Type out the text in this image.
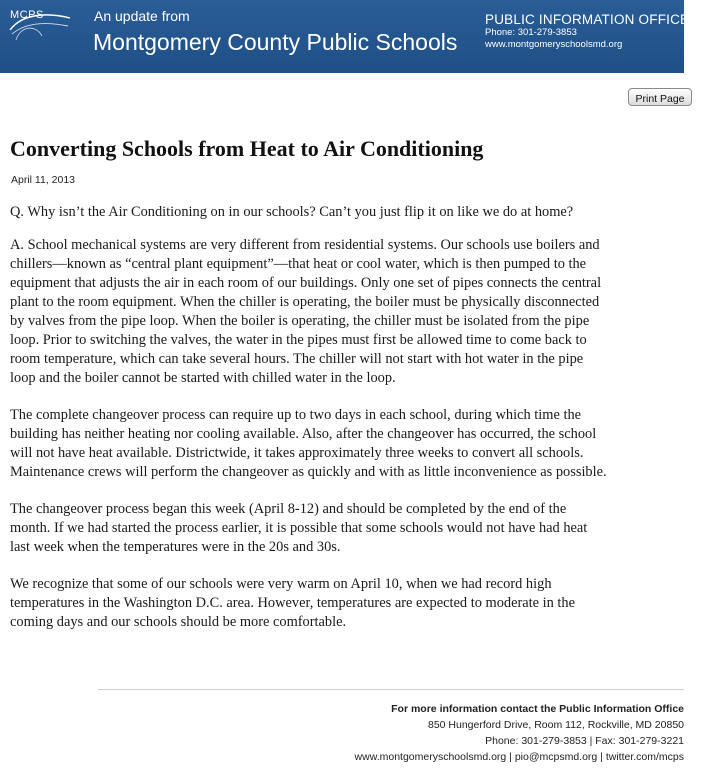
MCPS	An update from
Montgomery County Public Schools
PUBLIC INFORMATION OFFICE
Phone: 301-279-3853
www.montgomeryschoolsmd.org
Print Page
Converting Schools from Heat to Air Conditioning
April 11, 2013

Q. Why isn’t the Air Conditioning on in our schools? Can’t you just flip it on like we do at home?

A. School mechanical systems are very different from residential systems. Our schools use boilers and
chillers—known as “central plant equipment”—that heat or cool water, which is then pumped to the
equipment that adjusts the air in each room of our buildings. Only one set of pipes connects the central
plant to the room equipment. When the chiller is operating, the boiler must be physically disconnected
by valves from the pipe loop. When the boiler is operating, the chiller must be isolated from the pipe
loop. Prior to switching the valves, the water in the pipes must first be allowed time to come back to
room temperature, which can take several hours. The chiller will not start with hot water in the pipe
loop and the boiler cannot be started with chilled water in the loop.

The complete changeover process can require up to two days in each school, during which time the
building has neither heating nor cooling available. Also, after the changeover has occurred, the school
will not have heat available. Districtwide, it takes approximately three weeks to convert all schools.
Maintenance crews will perform the changeover as quickly and with as little inconvenience as possible.

The changeover process began this week (April 8-12) and should be completed by the end of the
month. If we had started the process earlier, it is possible that some schools would not have had heat
last week when the temperatures were in the 20s and 30s.

We recognize that some of our schools were very warm on April 10, when we had record high
temperatures in the Washington D.C. area. However, temperatures are expected to moderate in the
coming days and our schools should be more comfortable.

For more information contact the Public Information Office
850 Hungerford Drive, Room 112, Rockville, MD 20850
Phone: 301-279-3853 | Fax: 301-279-3221
www.montgomeryschoolsmd.org | pio@mcpsmd.org | twitter.com/mcps
